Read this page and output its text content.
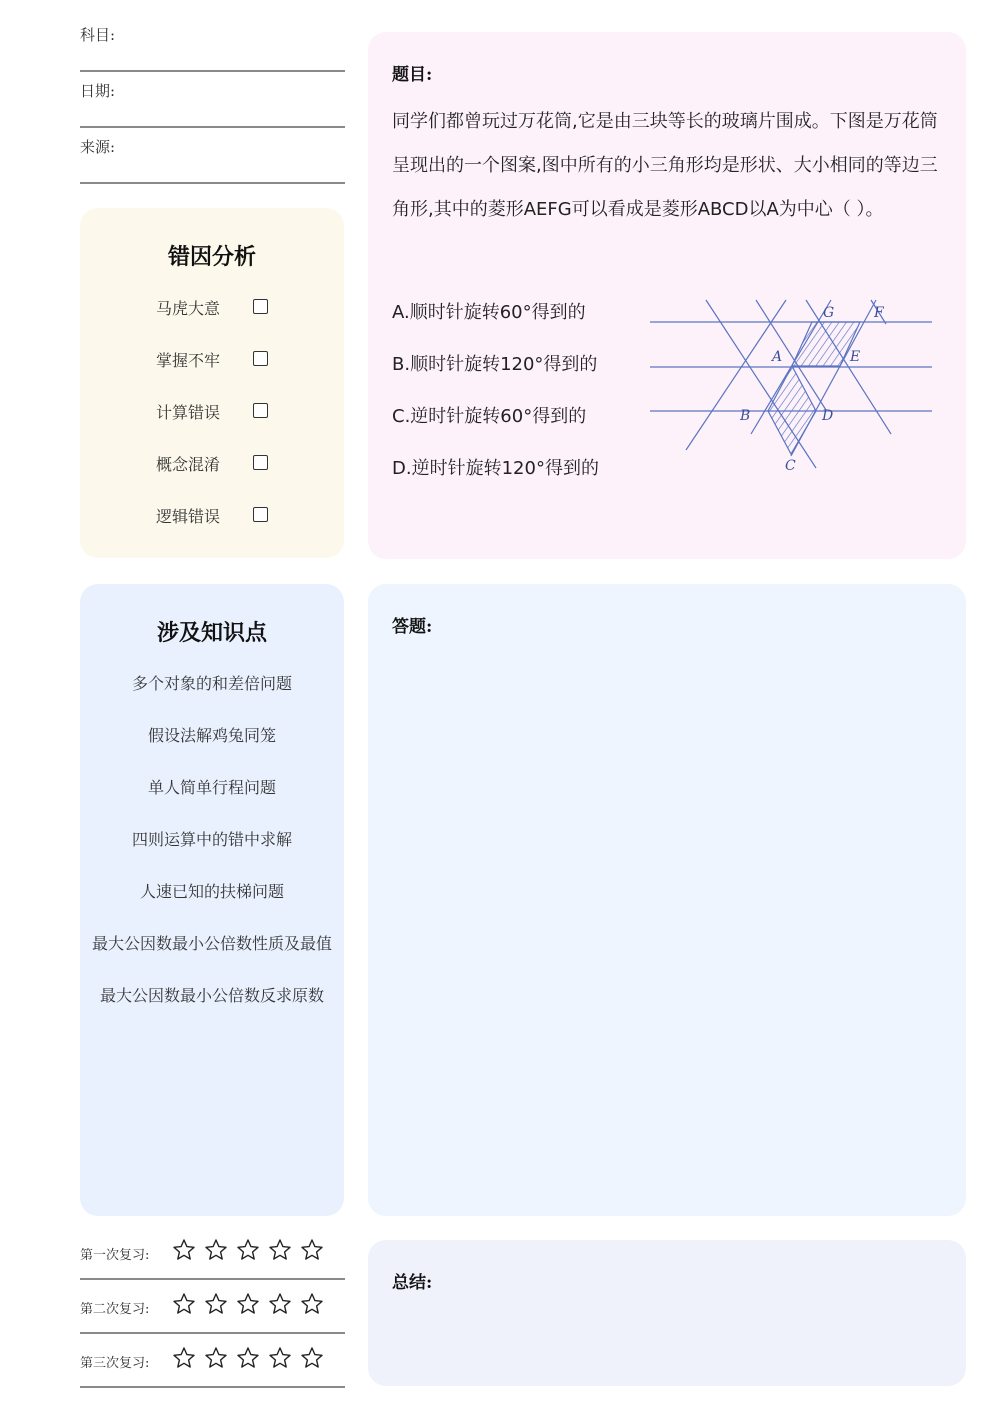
科目:
日期:
来源:
错因分析
马虎大意
掌握不牢
计算错误
概念混淆
逻辑错误
涉及知识点
多个对象的和差倍问题
假设法解鸡兔同笼
单人简单行程问题
四则运算中的错中求解
人速已知的扶梯问题
最大公因数最小公倍数性质及最值
最大公因数最小公倍数反求原数
题目:
同学们都曾玩过万花筒,它是由三块等长的玻璃片围成。下图是万花筒呈现出的一个图案,图中所有的小三角形均是形状、大小相同的等边三角形,其中的菱形AEFG可以看成是菱形ABCD以A为中心（ ）。
A.顺时针旋转60°得到的
B.顺时针旋转120°得到的
C.逆时针旋转60°得到的
D.逆时针旋转120°得到的
A
B
C
D
E
F
G
答题:
总结:
第一次复习:
第二次复习:
第三次复习:
